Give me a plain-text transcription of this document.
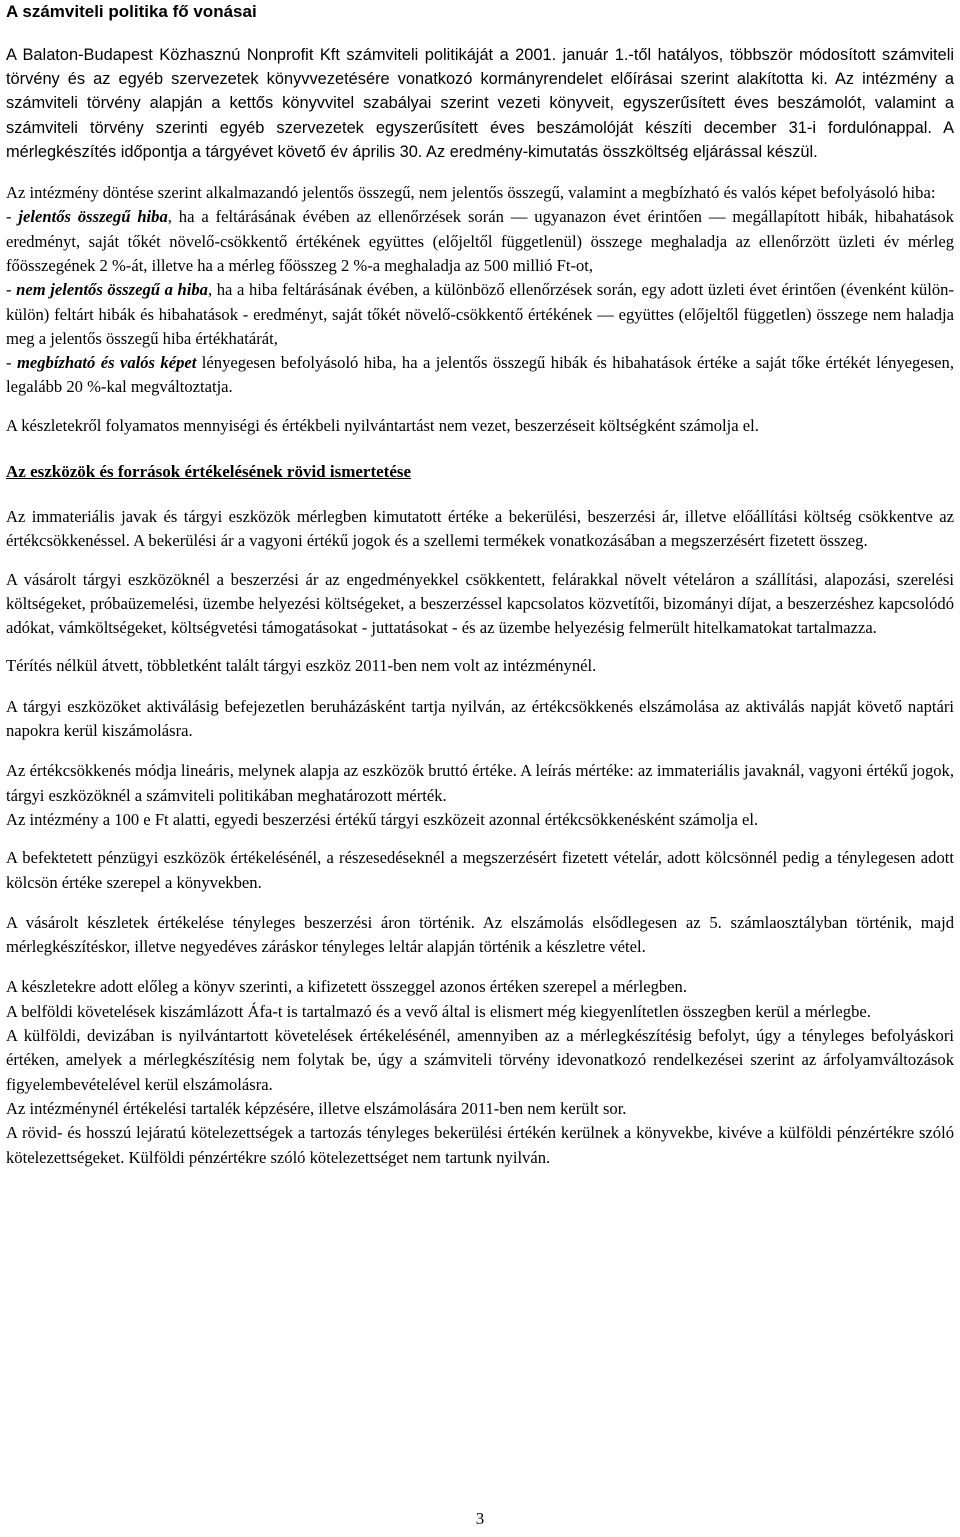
A számviteli politika fő vonásai

A Balaton-Budapest Közhasznú Nonprofit Kft számviteli politikáját a 2001. január 1.-től hatályos, többször módosított számviteli törvény és az egyéb szervezetek könyvvezetésére vonatkozó kormányrendelet előírásai szerint alakította ki. Az intézmény a számviteli törvény alapján a kettős könyvvitel szabályai szerint vezeti könyveit, egyszerűsített éves beszámolót, valamint a számviteli törvény szerinti egyéb szervezetek egyszerűsített éves beszámolóját készíti december 31-i fordulónappal. A mérlegkészítés időpontja a tárgyévet követő év április 30. Az eredmény-kimutatás összköltség eljárással készül.

Az intézmény döntése szerint alkalmazandó jelentős összegű, nem jelentős összegű, valamint a megbízható és valós képet befolyásoló hiba:

- jelentős összegű hiba, ha a feltárásának évében az ellenőrzések során — ugyanazon évet érintően — megállapított hibák, hibahatások eredményt, saját tőkét növelő-csökkentő értékének együttes (előjeltől függetlenül) összege meghaladja az ellenőrzött üzleti év mérleg főösszegének 2 %-át, illetve ha a mérleg főösszeg 2 %-a meghaladja az 500 millió Ft-ot,

- nem jelentős összegű a hiba, ha a hiba feltárásának évében, a különböző ellenőrzések során, egy adott üzleti évet érintően (évenként külön-külön) feltárt hibák és hibahatások - eredményt, saját tőkét növelő-csökkentő értékének — együttes (előjeltől független) összege nem haladja meg a jelentős összegű hiba értékhatárát,

- megbízható és valós képet lényegesen befolyásoló hiba, ha a jelentős összegű hibák és hibahatások értéke a saját tőke értékét lényegesen, legalább 20 %-kal megváltoztatja.

A készletekről folyamatos mennyiségi és értékbeli nyilvántartást nem vezet, beszerzéseit költségként számolja el.

Az eszközök és források értékelésének rövid ismertetése

Az immateriális javak és tárgyi eszközök mérlegben kimutatott értéke a bekerülési, beszerzési ár, illetve előállítási költség csökkentve az értékcsökkenéssel. A bekerülési ár a vagyoni értékű jogok és a szellemi termékek vonatkozásában a megszerzésért fizetett összeg.

A vásárolt tárgyi eszközöknél a beszerzési ár az engedményekkel csökkentett, felárakkal növelt vételáron a szállítási, alapozási, szerelési költségeket, próbaüzemelési, üzembe helyezési költségeket, a beszerzéssel kapcsolatos közvetítői, bizományi díjat, a beszerzéshez kapcsolódó adókat, vámköltségeket, költségvetési támogatásokat - juttatásokat - és az üzembe helyezésig felmerült hitelkamatokat tartalmazza.

Térítés nélkül átvett, többletként talált tárgyi eszköz 2011-ben nem volt az intézménynél.

A tárgyi eszközöket aktiválásig befejezetlen beruházásként tartja nyilván, az értékcsökkenés elszámolása az aktiválás napját követő naptári napokra kerül kiszámolásra.

Az értékcsökkenés módja lineáris, melynek alapja az eszközök bruttó értéke. A leírás mértéke: az immateriális javaknál, vagyoni értékű jogok, tárgyi eszközöknél a számviteli politikában meghatározott mérték.

Az intézmény a 100 e Ft alatti, egyedi beszerzési értékű tárgyi eszközeit azonnal értékcsökkenésként számolja el.

A befektetett pénzügyi eszközök értékelésénél, a részesedéseknél a megszerzésért fizetett vételár, adott kölcsönnél pedig a ténylegesen adott kölcsön értéke szerepel a könyvekben.

A vásárolt készletek értékelése tényleges beszerzési áron történik. Az elszámolás elsődlegesen az 5. számlaosztályban történik, majd mérlegkészítéskor, illetve negyedéves záráskor tényleges leltár alapján történik a készletre vétel.

A készletekre adott előleg a könyv szerinti, a kifizetett összeggel azonos értéken szerepel a mérlegben.

A belföldi követelések kiszámlázott Áfa-t is tartalmazó és a vevő által is elismert még kiegyenlítetlen összegben kerül a mérlegbe.

A külföldi, devizában is nyilvántartott követelések értékelésénél, amennyiben az a mérlegkészítésig befolyt, úgy a tényleges befolyáskori értéken, amelyek a mérlegkészítésig nem folytak be, úgy a számviteli törvény idevonatkozó rendelkezései szerint az árfolyamváltozások figyelembevételével kerül elszámolásra.

Az intézménynél értékelési tartalék képzésére, illetve elszámolására 2011-ben nem került sor.

A rövid- és hosszú lejáratú kötelezettségek a tartozás tényleges bekerülési értékén kerülnek a könyvekbe, kivéve a külföldi pénzértékre szóló kötelezettségeket. Külföldi pénzértékre szóló kötelezettséget nem tartunk nyilván.

3
